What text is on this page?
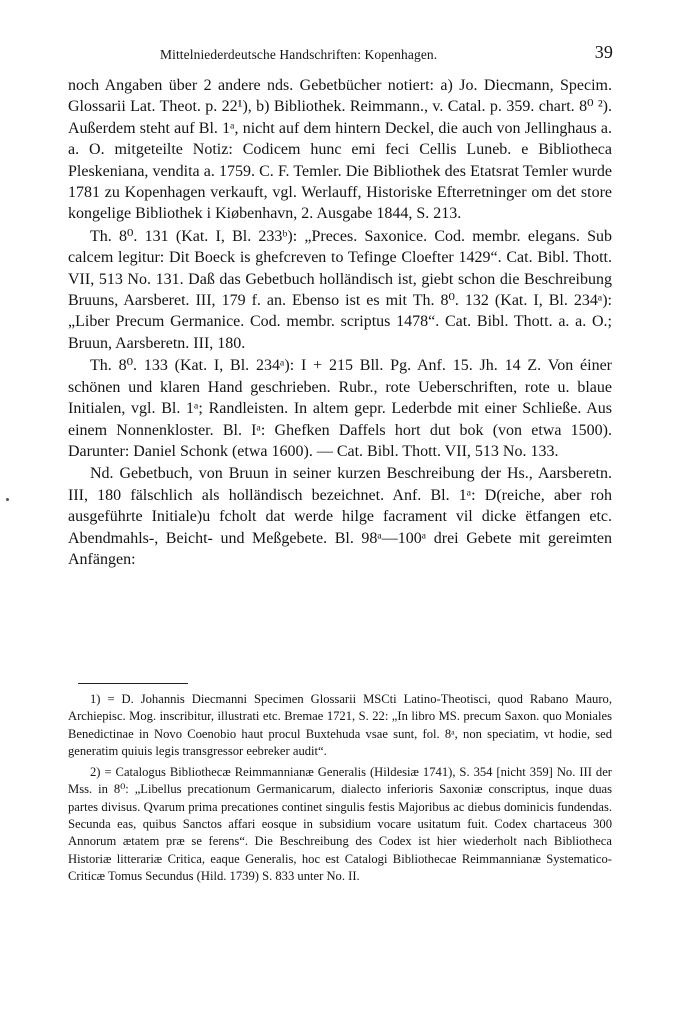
Mittelniederdeutsche Handschriften: Kopenhagen.	39

noch Angaben über 2 andere nds. Gebetbücher notiert: a) Jo. Diecmann, Specim. Glossarii Lat. Theot. p. 22¹), b) Bibliothek. Reimmann., v. Catal. p. 359. chart. 8⁰ ²). Außerdem steht auf Bl. 1ᵃ, nicht auf dem hintern Deckel, die auch von Jellinghaus a. a. O. mitgeteilte Notiz: Codicem hunc emi feci Cellis Luneb. e Bibliotheca Pleskeniana, vendita a. 1759. C. F. Temler. Die Bibliothek des Etatsrat Temler wurde 1781 zu Kopenhagen verkauft, vgl. Werlauff, Historiske Efterretninger om det store kongelige Bibliothek i Kiøbenhavn, 2. Ausgabe 1844, S. 213.

Th. 8⁰. 131 (Kat. I, Bl. 233ᵇ): „Preces. Saxonice. Cod. membr. elegans. Sub calcem legitur: Dit Boeck is ghefcreven to Tefinge Cloefter 1429“. Cat. Bibl. Thott. VII, 513 No. 131. Daß das Gebetbuch holländisch ist, giebt schon die Beschreibung Bruuns, Aarsberet. III, 179 f. an. Ebenso ist es mit Th. 8⁰. 132 (Kat. I, Bl. 234ᵃ): „Liber Precum Germanice. Cod. membr. scriptus 1478“. Cat. Bibl. Thott. a. a. O.; Bruun, Aarsberetn. III, 180.

Th. 8⁰. 133 (Kat. I, Bl. 234ᵃ): I + 215 Bll. Pg. Anf. 15. Jh. 14 Z. Von éiner schönen und klaren Hand geschrieben. Rubr., rote Ueberschriften, rote u. blaue Initialen, vgl. Bl. 1ᵃ; Randleisten. In altem gepr. Lederbde mit einer Schließe. Aus einem Nonnenkloster. Bl. Iᵃ: Ghefken Daffels hort dut bok (von etwa 1500). Darunter: Daniel Schonk (etwa 1600). — Cat. Bibl. Thott. VII, 513 No. 133.

Nd. Gebetbuch, von Bruun in seiner kurzen Beschreibung der Hs., Aarsberetn. III, 180 fälschlich als holländisch bezeichnet. Anf. Bl. 1ᵃ: D(reiche, aber roh ausgeführte Initiale)u fcholt dat werde hilge facrament vil dicke ëtfangen etc. Abendmahls-, Beicht- und Meßgebete. Bl. 98ᵃ—100ᵃ drei Gebete mit gereimten Anfängen:

1) = D. Johannis Diecmanni Specimen Glossarii MSCti Latino-Theotisci, quod Rabano Mauro, Archiepisc. Mog. inscribitur, illustrati etc. Bremae 1721, S. 22: „In libro MS. precum Saxon. quo Moniales Benedictinae in Novo Coenobio haut procul Buxtehuda vsae sunt, fol. 8ᵃ, non speciatim, vt hodie, sed generatim quiuis legis transgressor eebreker audit“.

2) = Catalogus Bibliothecæ Reimmannianæ Generalis (Hildesiæ 1741), S. 354 [nicht 359] No. III der Mss. in 8⁰: „Libellus precationum Germanicarum, dialecto inferioris Saxoniæ conscriptus, inque duas partes divisus. Qvarum prima precationes continet singulis festis Majoribus ac diebus dominicis fundendas. Secunda eas, quibus Sanctos affari eosque in subsidium vocare usitatum fuit. Codex chartaceus 300 Annorum ætatem præ se ferens“. Die Beschreibung des Codex ist hier wiederholt nach Bibliotheca Historiæ litterariæ Critica, eaque Generalis, hoc est Catalogi Bibliothecae Reimmannianæ Systematico-Criticæ Tomus Secundus (Hild. 1739) S. 833 unter No. II.
